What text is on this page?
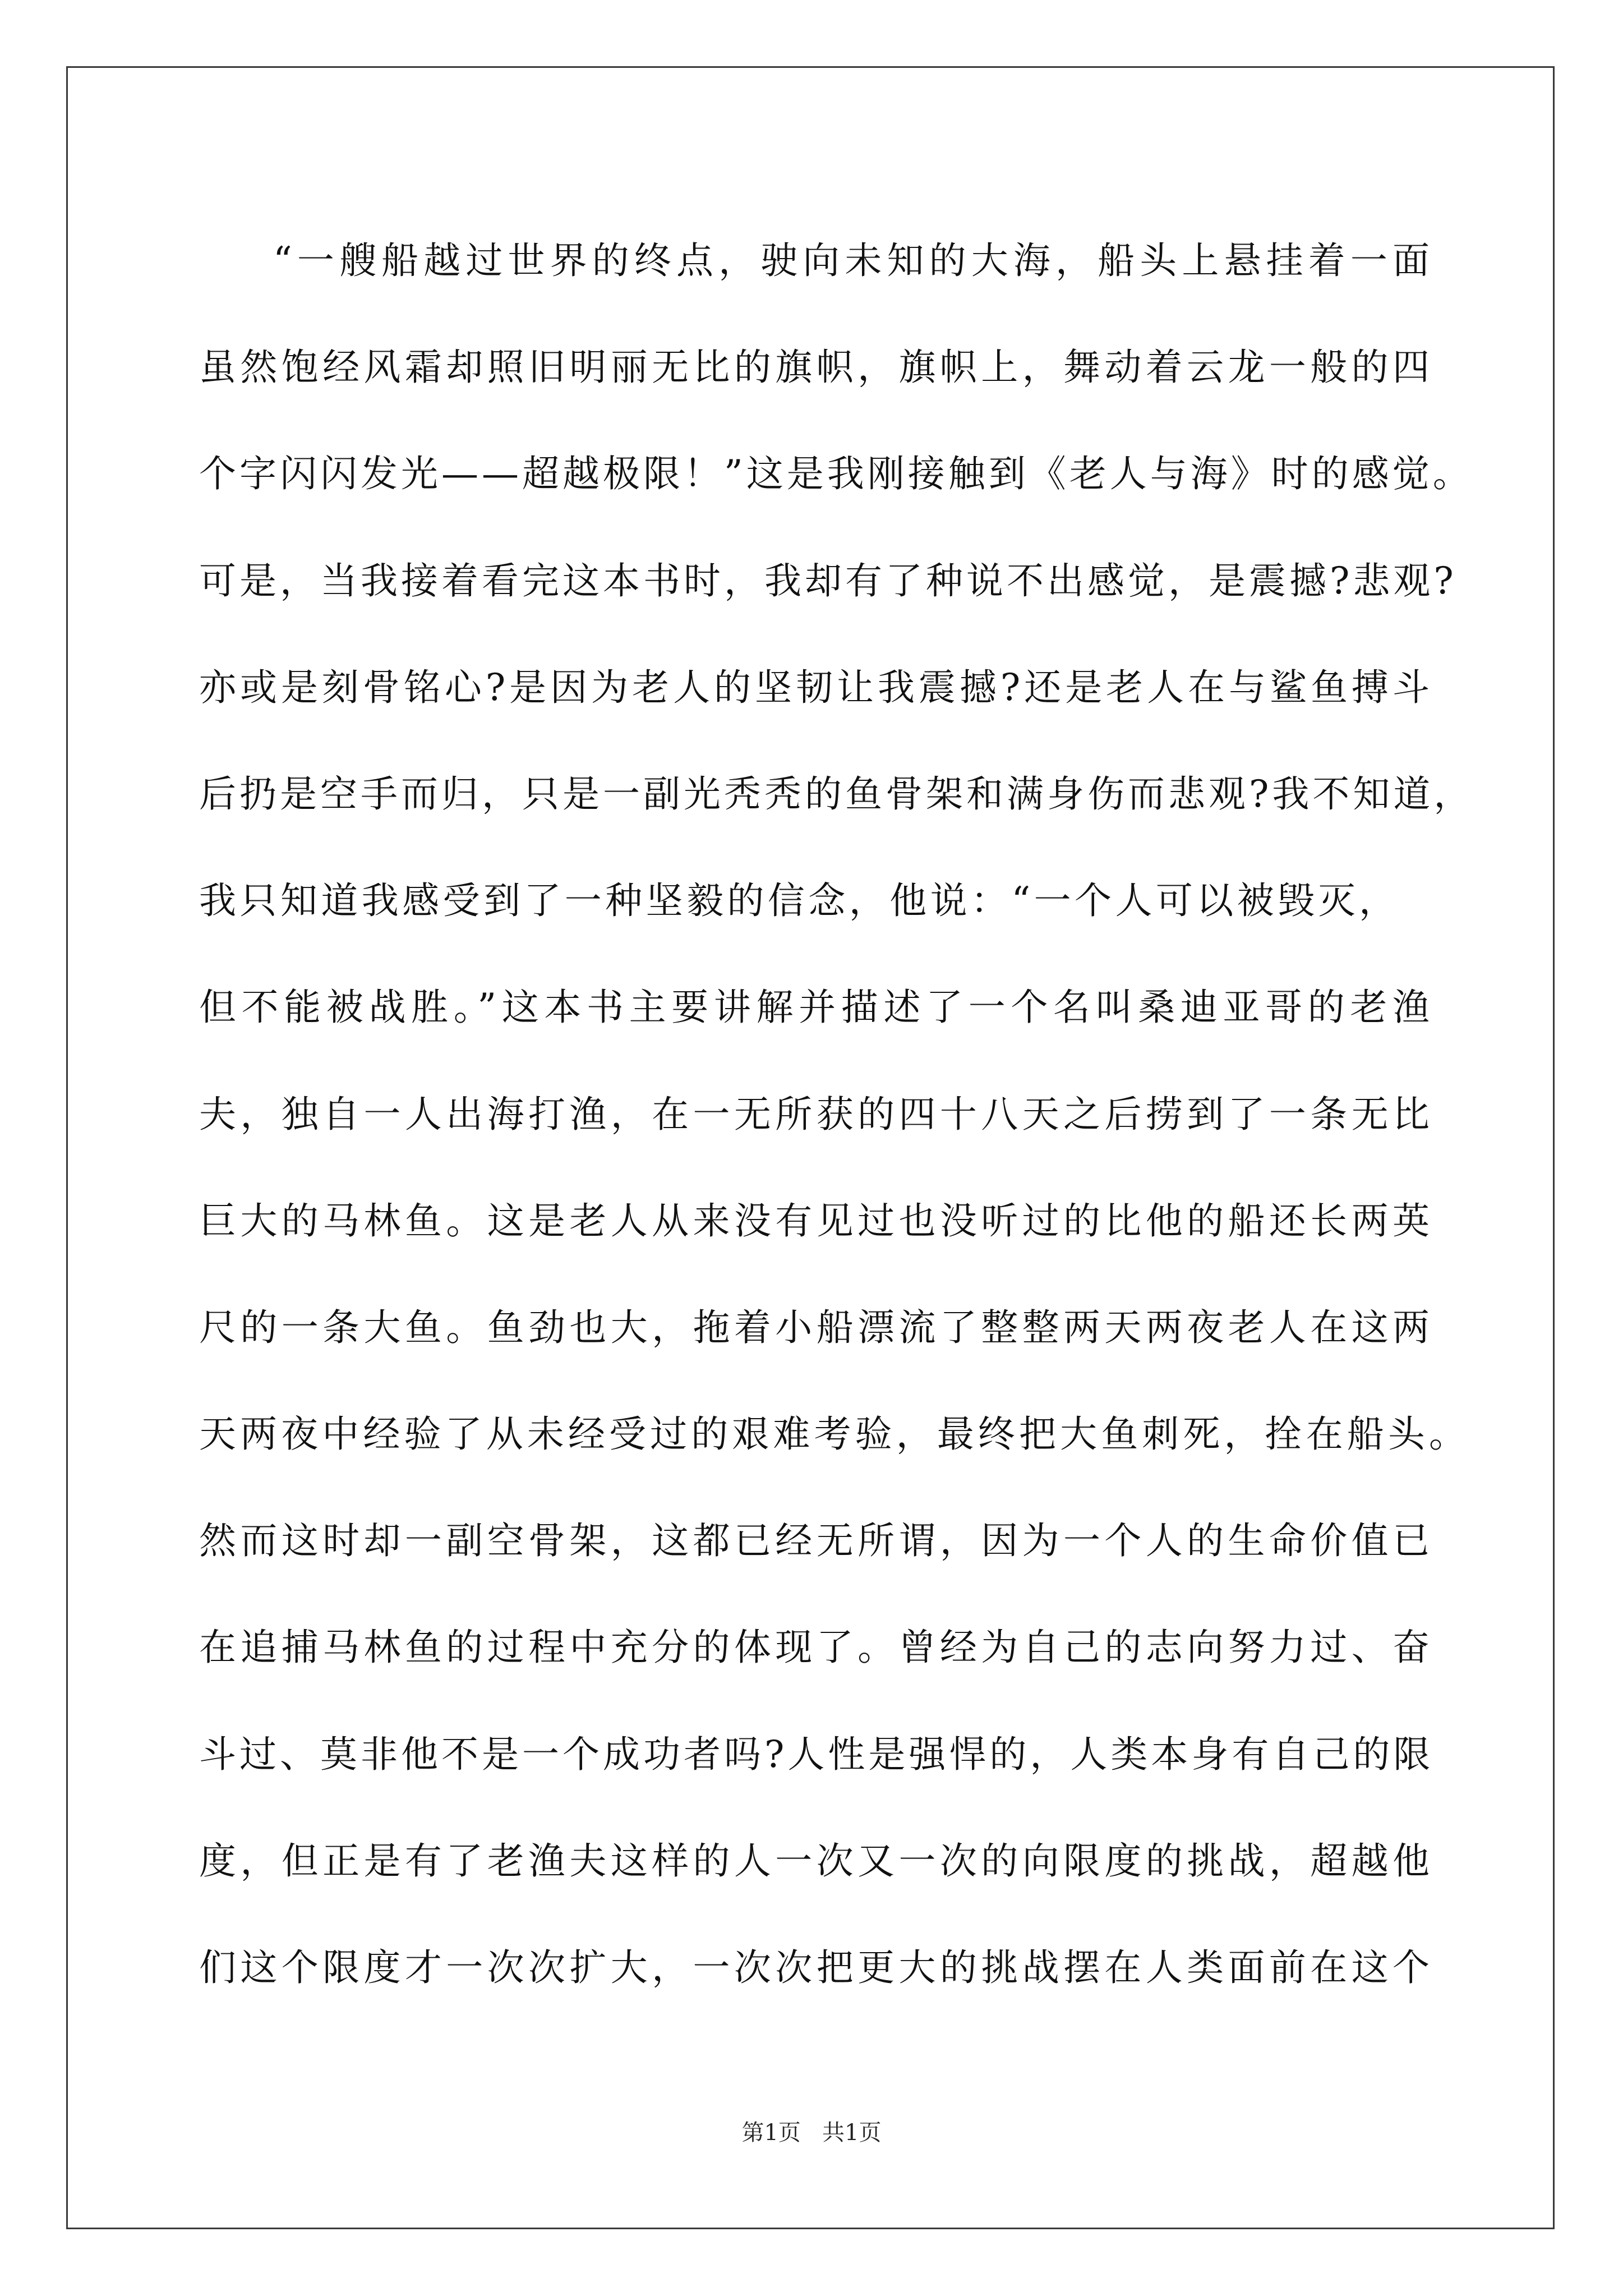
“一艘船越过世界的终点，驶向未知的大海，船头上悬挂着一面
虽然饱经风霜却照旧明丽无比的旗帜，旗帜上，舞动着云龙一般的四
个字闪闪发光——超越极限！”这是我刚接触到《老人与海》时的感觉。
可是，当我接着看完这本书时，我却有了种说不出感觉，是震撼?悲观?
亦或是刻骨铭心?是因为老人的坚韧让我震撼?还是老人在与鲨鱼搏斗
后扔是空手而归，只是一副光秃秃的鱼骨架和满身伤而悲观?我不知道，
我只知道我感受到了一种坚毅的信念，他说：“一个人可以被毁灭，
但不能被战胜。”这本书主要讲解并描述了一个名叫桑迪亚哥的老渔
夫，独自一人出海打渔，在一无所获的四十八天之后捞到了一条无比
巨大的马林鱼。这是老人从来没有见过也没听过的比他的船还长两英
尺的一条大鱼。鱼劲也大，拖着小船漂流了整整两天两夜老人在这两
天两夜中经验了从未经受过的艰难考验，最终把大鱼刺死，拴在船头。
然而这时却一副空骨架，这都已经无所谓，因为一个人的生命价值已
在追捕马林鱼的过程中充分的体现了。曾经为自己的志向努力过、奋
斗过、莫非他不是一个成功者吗?人性是强悍的，人类本身有自己的限
度，但正是有了老渔夫这样的人一次又一次的向限度的挑战，超越他
们这个限度才一次次扩大，一次次把更大的挑战摆在人类面前在这个
第1页   共1页
